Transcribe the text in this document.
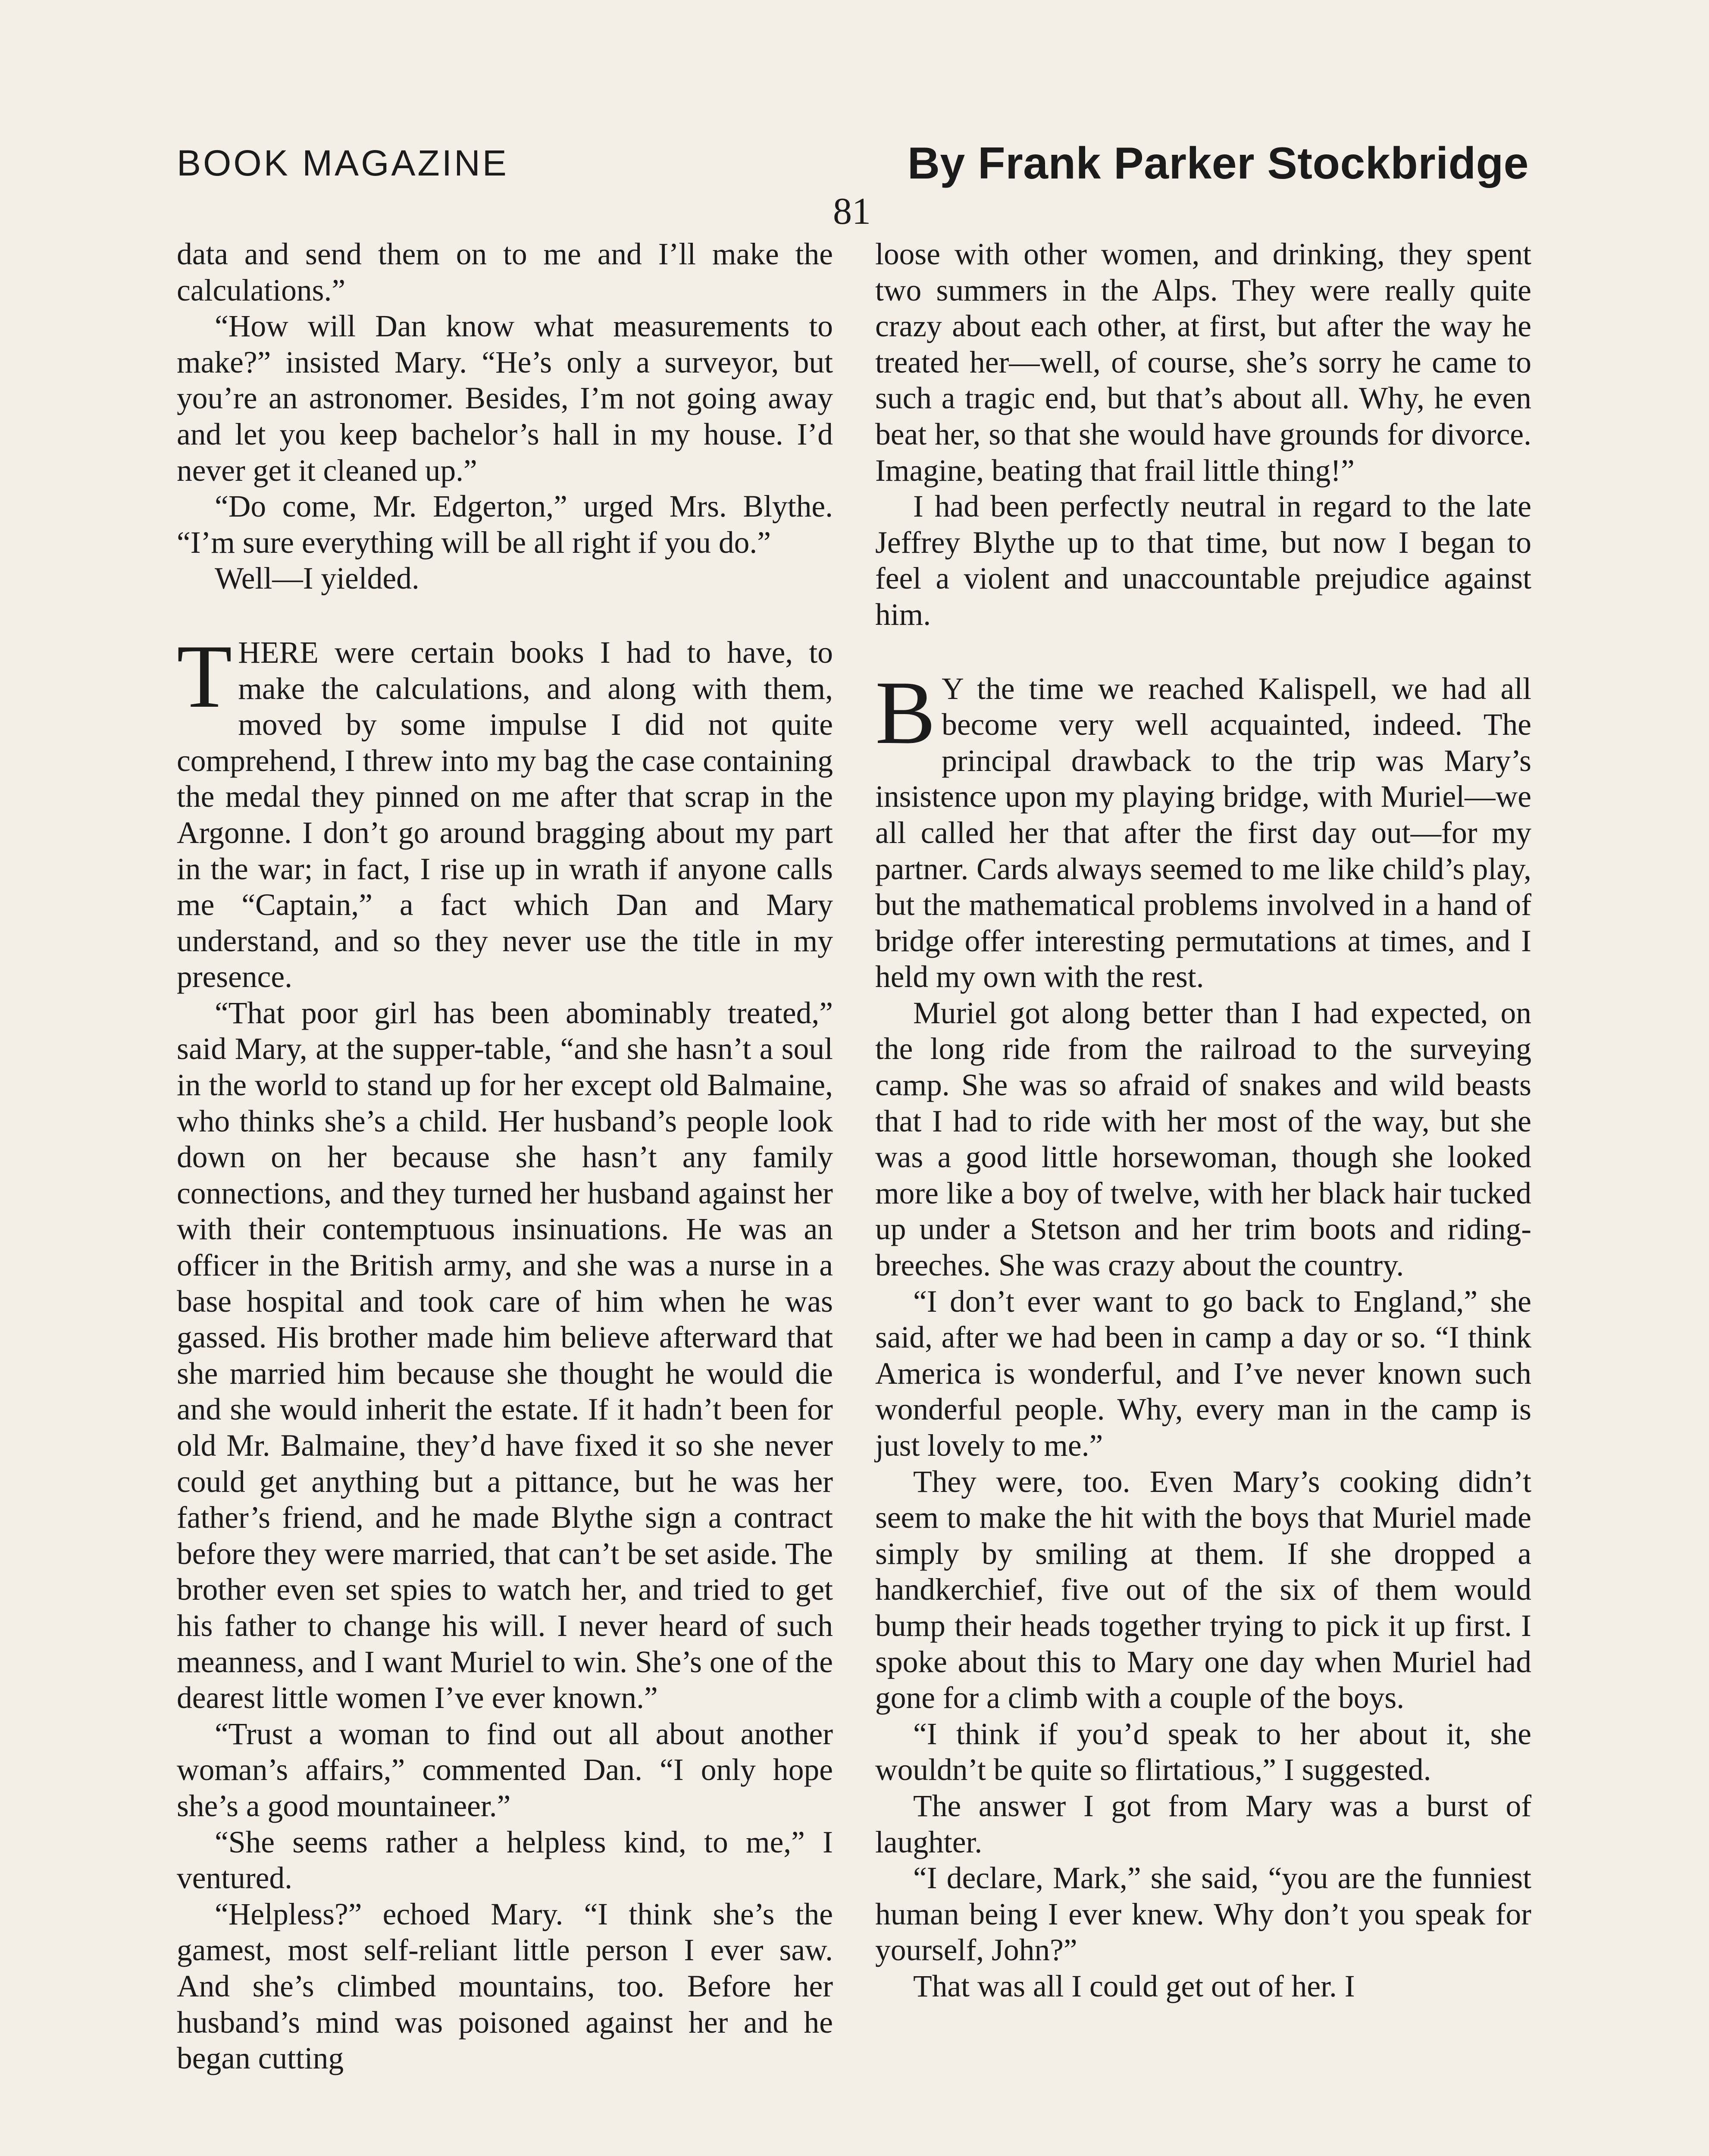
BOOK MAGAZINE	By Frank Parker Stockbridge
81

data and send them on to me and I’ll make the calculations.”

“How will Dan know what measurements to make?” insisted Mary. “He’s only a surveyor, but you’re an astronomer. Besides, I’m not going away and let you keep bachelor’s hall in my house. I’d never get it cleaned up.”

“Do come, Mr. Edgerton,” urged Mrs. Blythe. “I’m sure everything will be all right if you do.”

Well—I yielded.

THERE were certain books I had to have, to make the calculations, and along with them, moved by some impulse I did not quite comprehend, I threw into my bag the case containing the medal they pinned on me after that scrap in the Argonne. I don’t go around bragging about my part in the war; in fact, I rise up in wrath if anyone calls me “Captain,” a fact which Dan and Mary understand, and so they never use the title in my presence.

“That poor girl has been abominably treated,” said Mary, at the supper-table, “and she hasn’t a soul in the world to stand up for her except old Balmaine, who thinks she’s a child. Her husband’s people look down on her because she hasn’t any family connections, and they turned her husband against her with their contemptuous insinuations. He was an officer in the British army, and she was a nurse in a base hospital and took care of him when he was gassed. His brother made him believe afterward that she married him because she thought he would die and she would inherit the estate. If it hadn’t been for old Mr. Balmaine, they’d have fixed it so she never could get anything but a pittance, but he was her father’s friend, and he made Blythe sign a contract before they were married, that can’t be set aside. The brother even set spies to watch her, and tried to get his father to change his will. I never heard of such meanness, and I want Muriel to win. She’s one of the dearest little women I’ve ever known.”

“Trust a woman to find out all about another woman’s affairs,” commented Dan. “I only hope she’s a good mountaineer.”

“She seems rather a helpless kind, to me,” I ventured.

“Helpless?” echoed Mary. “I think she’s the gamest, most self-reliant little person I ever saw. And she’s climbed mountains, too. Before her husband’s mind was poisoned against her and he began cutting

loose with other women, and drinking, they spent two summers in the Alps. They were really quite crazy about each other, at first, but after the way he treated her—well, of course, she’s sorry he came to such a tragic end, but that’s about all. Why, he even beat her, so that she would have grounds for divorce. Imagine, beating that frail little thing!”

I had been perfectly neutral in regard to the late Jeffrey Blythe up to that time, but now I began to feel a violent and unaccountable prejudice against him.

B Y the time we reached Kalispell, we had all become very well acquainted, indeed. The principal drawback to the trip was Mary’s insistence upon my playing bridge, with Muriel—we all called her that after the first day out—for my partner. Cards always seemed to me like child’s play, but the mathematical problems involved in a hand of bridge offer interesting permutations at times, and I held my own with the rest.

Muriel got along better than I had expected, on the long ride from the railroad to the surveying camp. She was so afraid of snakes and wild beasts that I had to ride with her most of the way, but she was a good little horsewoman, though she looked more like a boy of twelve, with her black hair tucked up under a Stetson and her trim boots and riding-breeches. She was crazy about the country.

“I don’t ever want to go back to England,” she said, after we had been in camp a day or so. “I think America is wonderful, and I’ve never known such wonderful people. Why, every man in the camp is just lovely to me.”

They were, too. Even Mary’s cooking didn’t seem to make the hit with the boys that Muriel made simply by smiling at them. If she dropped a handkerchief, five out of the six of them would bump their heads together trying to pick it up first. I spoke about this to Mary one day when Muriel had gone for a climb with a couple of the boys.

“I think if you’d speak to her about it, she wouldn’t be quite so flirtatious,” I suggested.

The answer I got from Mary was a burst of laughter.

“I declare, Mark,” she said, “you are the funniest human being I ever knew. Why don’t you speak for yourself, John?”

That was all I could get out of her. I
